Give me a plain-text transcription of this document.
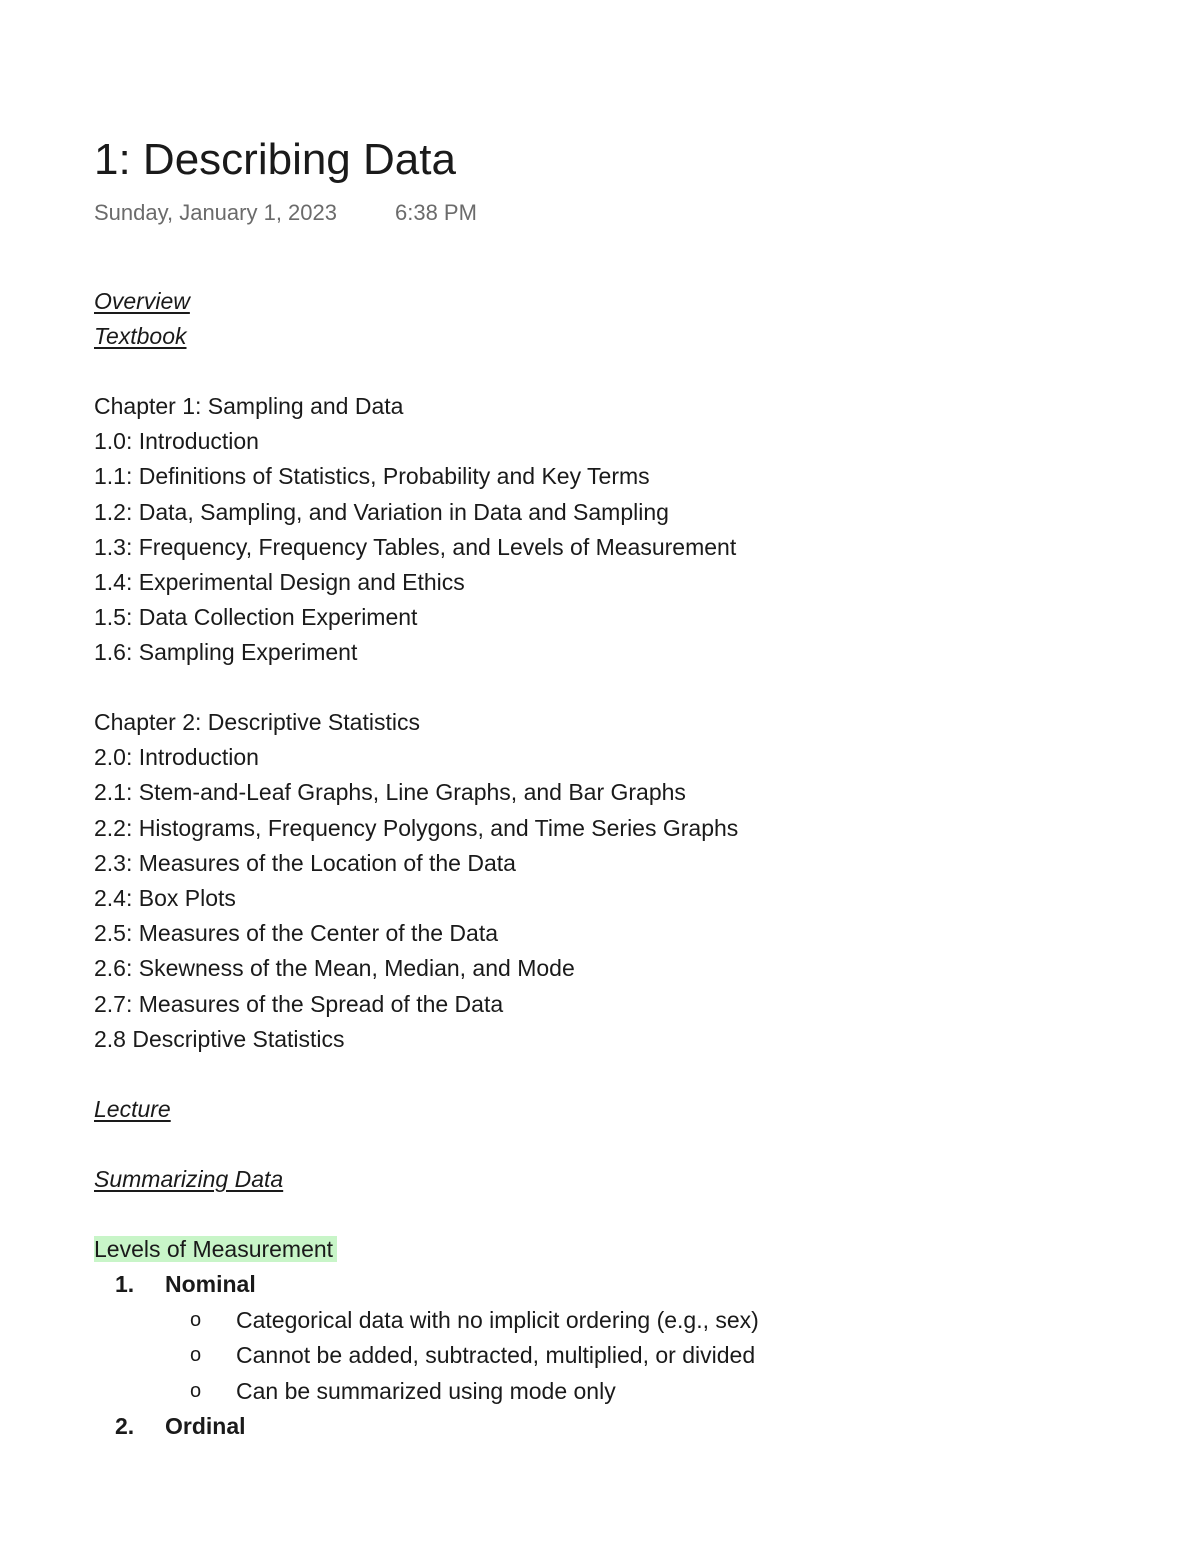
1: Describing Data
Sunday, January 1, 2023	6:38 PM
Overview
Textbook
Chapter 1: Sampling and Data
1.0: Introduction
1.1: Definitions of Statistics, Probability and Key Terms
1.2: Data, Sampling, and Variation in Data and Sampling
1.3: Frequency, Frequency Tables, and Levels of Measurement
1.4: Experimental Design and Ethics
1.5: Data Collection Experiment
1.6: Sampling Experiment
Chapter 2: Descriptive Statistics
2.0: Introduction
2.1: Stem-and-Leaf Graphs, Line Graphs, and Bar Graphs
2.2: Histograms, Frequency Polygons, and Time Series Graphs
2.3: Measures of the Location of the Data
2.4: Box Plots
2.5: Measures of the Center of the Data
2.6: Skewness of the Mean, Median, and Mode
2.7: Measures of the Spread of the Data
2.8 Descriptive Statistics
Lecture
Summarizing Data
Levels of Measurement
1. Nominal
o Categorical data with no implicit ordering (e.g., sex)
o Cannot be added, subtracted, multiplied, or divided
o Can be summarized using mode only
2. Ordinal
